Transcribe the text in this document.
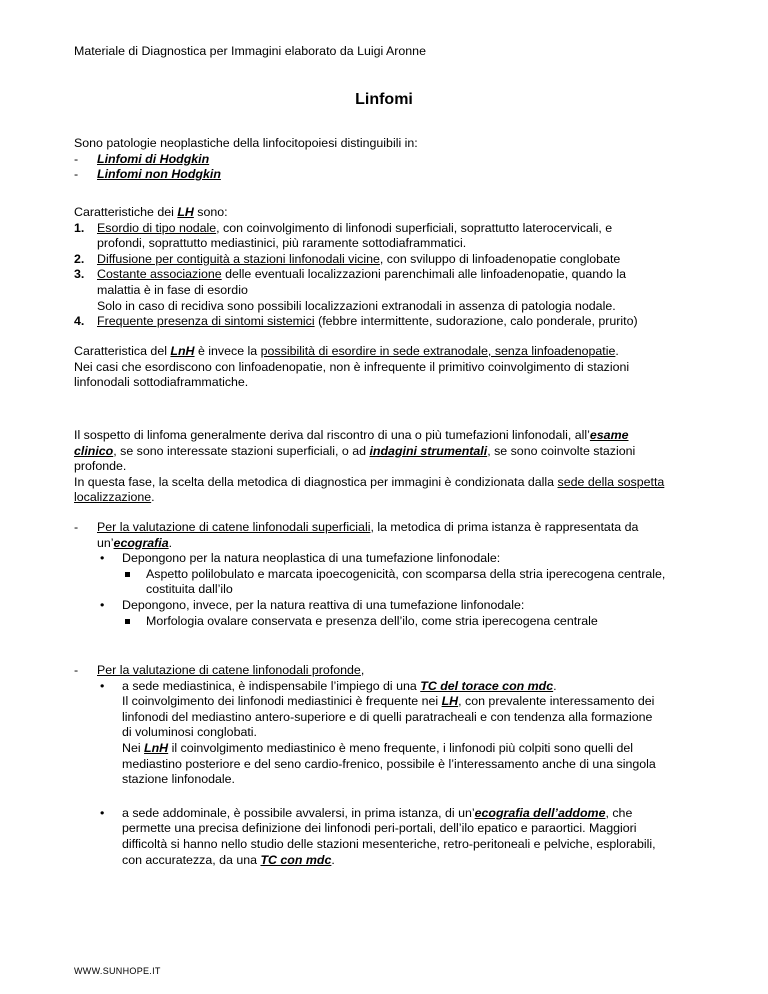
Materiale di Diagnostica per Immagini elaborato da Luigi Aronne
Linfomi
Sono patologie neoplastiche della linfocitopoiesi distinguibili in:
- Linfomi di Hodgkin
- Linfomi non Hodgkin
Caratteristiche dei LH sono:
1. Esordio di tipo nodale, con coinvolgimento di linfonodi superficiali, soprattutto laterocervicali, e
profondi, soprattutto mediastinici, più raramente sottodiaframmatici.
2. Diffusione per contiguità a stazioni linfonodali vicine, con sviluppo di linfoadenopatie conglobate
3. Costante associazione delle eventuali localizzazioni parenchimali alle linfoadenopatie, quando la
malattia è in fase di esordio
Solo in caso di recidiva sono possibili localizzazioni extranodali in assenza di patologia nodale.
4. Frequente presenza di sintomi sistemici (febbre intermittente, sudorazione, calo ponderale, prurito)
Caratteristica del LnH è invece la possibilità di esordire in sede extranodale, senza linfoadenopatie.
Nei casi che esordiscono con linfoadenopatie, non è infrequente il primitivo coinvolgimento di stazioni
linfonodali sottodiaframmatiche.
Il sospetto di linfoma generalmente deriva dal riscontro di una o più tumefazioni linfonodali, all’esame
clinico, se sono interessate stazioni superficiali, o ad indagini strumentali, se sono coinvolte stazioni
profonde.
In questa fase, la scelta della metodica di diagnostica per immagini è condizionata dalla sede della sospetta
localizzazione.
- Per la valutazione di catene linfonodali superficiali, la metodica di prima istanza è rappresentata da
un’ecografia.
• Depongono per la natura neoplastica di una tumefazione linfonodale:
Aspetto polilobulato e marcata ipoecogenicità, con scomparsa della stria iperecogena centrale,
costituita dall’ilo
• Depongono, invece, per la natura reattiva di una tumefazione linfonodale:
Morfologia ovalare conservata e presenza dell’ilo, come stria iperecogena centrale
- Per la valutazione di catene linfonodali profonde,
• a sede mediastinica, è indispensabile l’impiego di una TC del torace con mdc.
Il coinvolgimento dei linfonodi mediastinici è frequente nei LH, con prevalente interessamento dei
linfonodi del mediastino antero-superiore e di quelli paratracheali e con tendenza alla formazione
di voluminosi conglobati.
Nei LnH il coinvolgimento mediastinico è meno frequente, i linfonodi più colpiti sono quelli del
mediastino posteriore e del seno cardio-frenico, possibile è l’interessamento anche di una singola
stazione linfonodale.
• a sede addominale, è possibile avvalersi, in prima istanza, di un’ecografia dell’addome, che
permette una precisa definizione dei linfonodi peri-portali, dell’ilo epatico e paraortici. Maggiori
difficoltà si hanno nello studio delle stazioni mesenteriche, retro-peritoneali e pelviche, esplorabili,
con accuratezza, da una TC con mdc.
WWW.SUNHOPE.IT
